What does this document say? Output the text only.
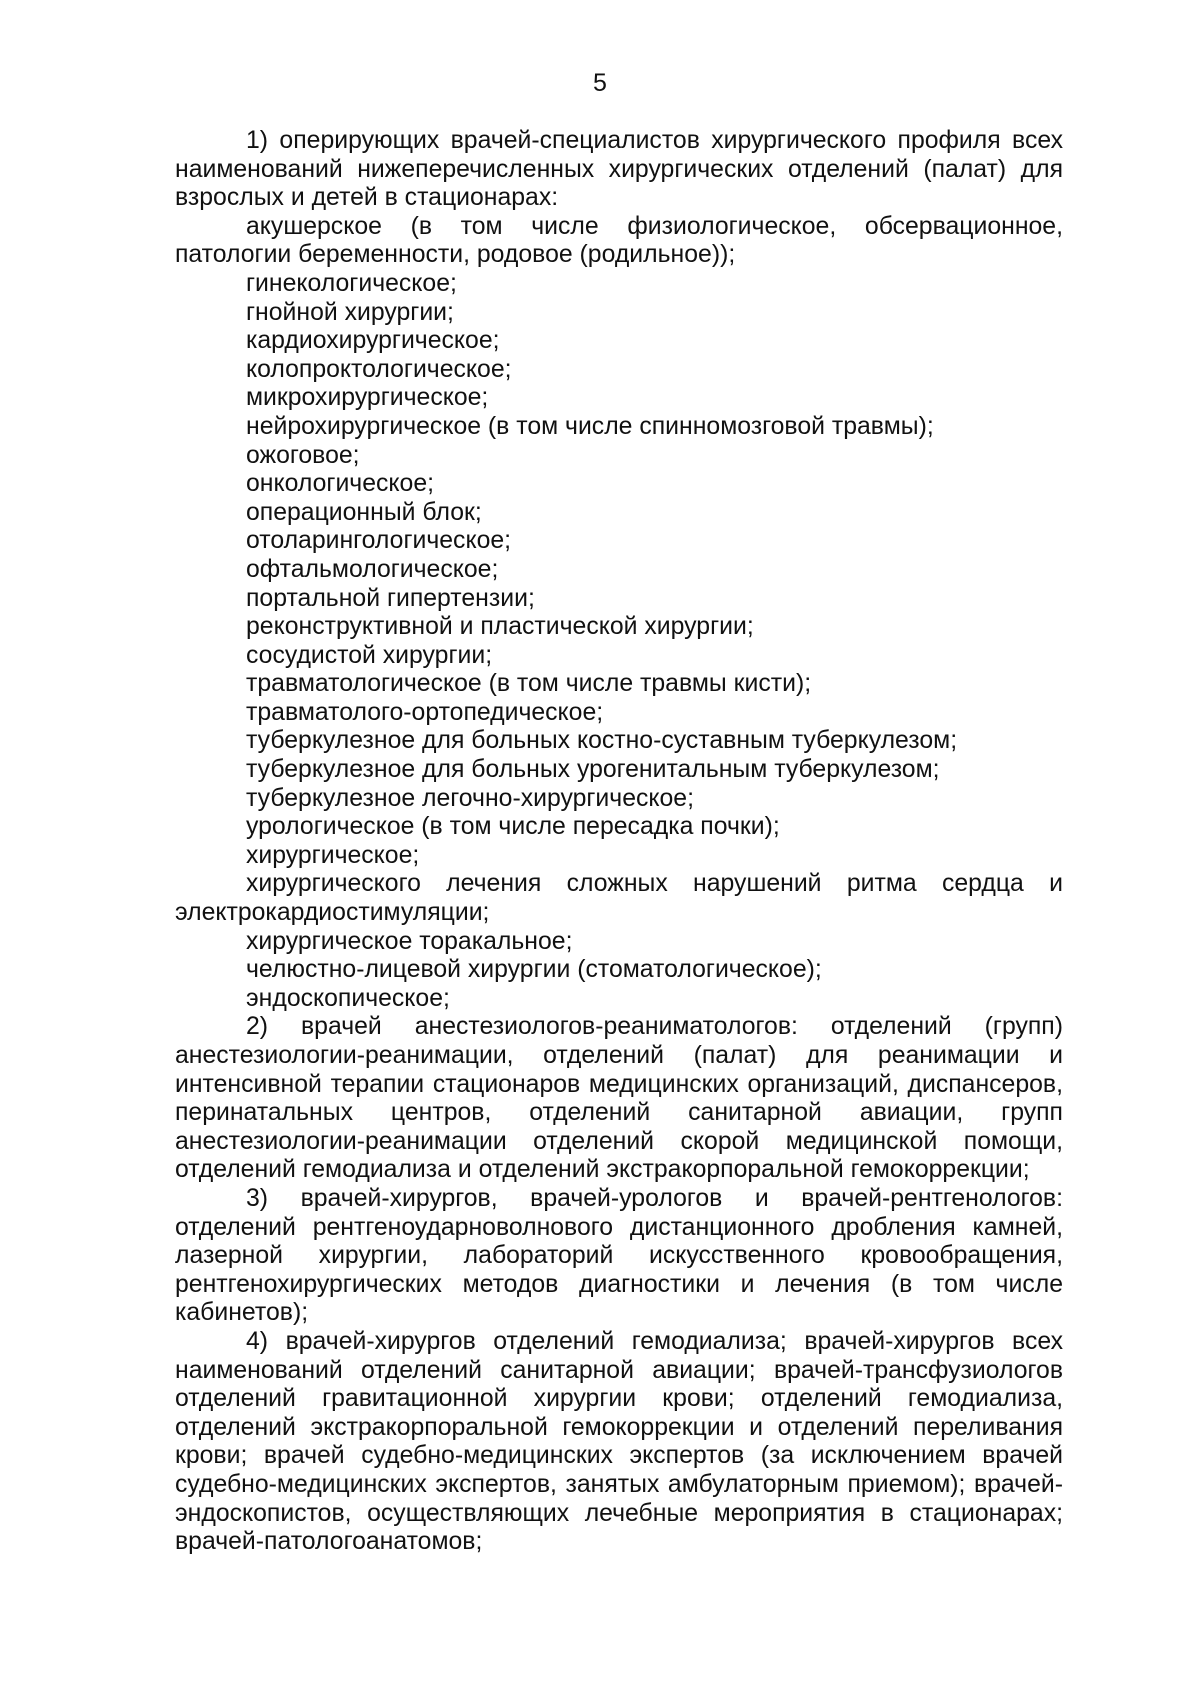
5

1) оперирующих врачей-специалистов хирургического профиля всех наименований нижеперечисленных хирургических отделений (палат) для взрослых и детей в стационарах:

акушерское (в том числе физиологическое, обсервационное, патологии беременности, родовое (родильное));

гинекологическое;

гнойной хирургии;

кардиохирургическое;

колопроктологическое;

микрохирургическое;

нейрохирургическое (в том числе спинномозговой травмы);

ожоговое;

онкологическое;

операционный блок;

отоларингологическое;

офтальмологическое;

портальной гипертензии;

реконструктивной и пластической хирургии;

сосудистой хирургии;

травматологическое (в том числе травмы кисти);

травматолого-ортопедическое;

туберкулезное для больных костно-суставным туберкулезом;

туберкулезное для больных урогенитальным туберкулезом;

туберкулезное легочно-хирургическое;

урологическое (в том числе пересадка почки);

хирургическое;

хирургического лечения сложных нарушений ритма сердца и электрокардиостимуляции;

хирургическое торакальное;

челюстно-лицевой хирургии (стоматологическое);

эндоскопическое;

2) врачей анестезиологов-реаниматологов: отделений (групп) анестезиологии-реанимации, отделений (палат) для реанимации и интенсивной терапии стационаров медицинских организаций, диспансеров, перинатальных центров, отделений санитарной авиации, групп анестезиологии-реанимации отделений скорой медицинской помощи, отделений гемодиализа и отделений экстракорпоральной гемокоррекции;

3) врачей-хирургов, врачей-урологов и врачей-рентгенологов: отделений рентгеноударноволнового дистанционного дробления камней, лазерной хирургии, лабораторий искусственного кровообращения, рентгенохирургических методов диагностики и лечения (в том числе кабинетов);

4) врачей-хирургов отделений гемодиализа; врачей-хирургов всех наименований отделений санитарной авиации; врачей-трансфузиологов отделений гравитационной хирургии крови; отделений гемодиализа, отделений экстракорпоральной гемокоррекции и отделений переливания крови; врачей судебно-медицинских экспертов (за исключением врачей судебно-медицинских экспертов, занятых амбулаторным приемом); врачей-эндоскопистов, осуществляющих лечебные мероприятия в стационарах; врачей-патологоанатомов;
